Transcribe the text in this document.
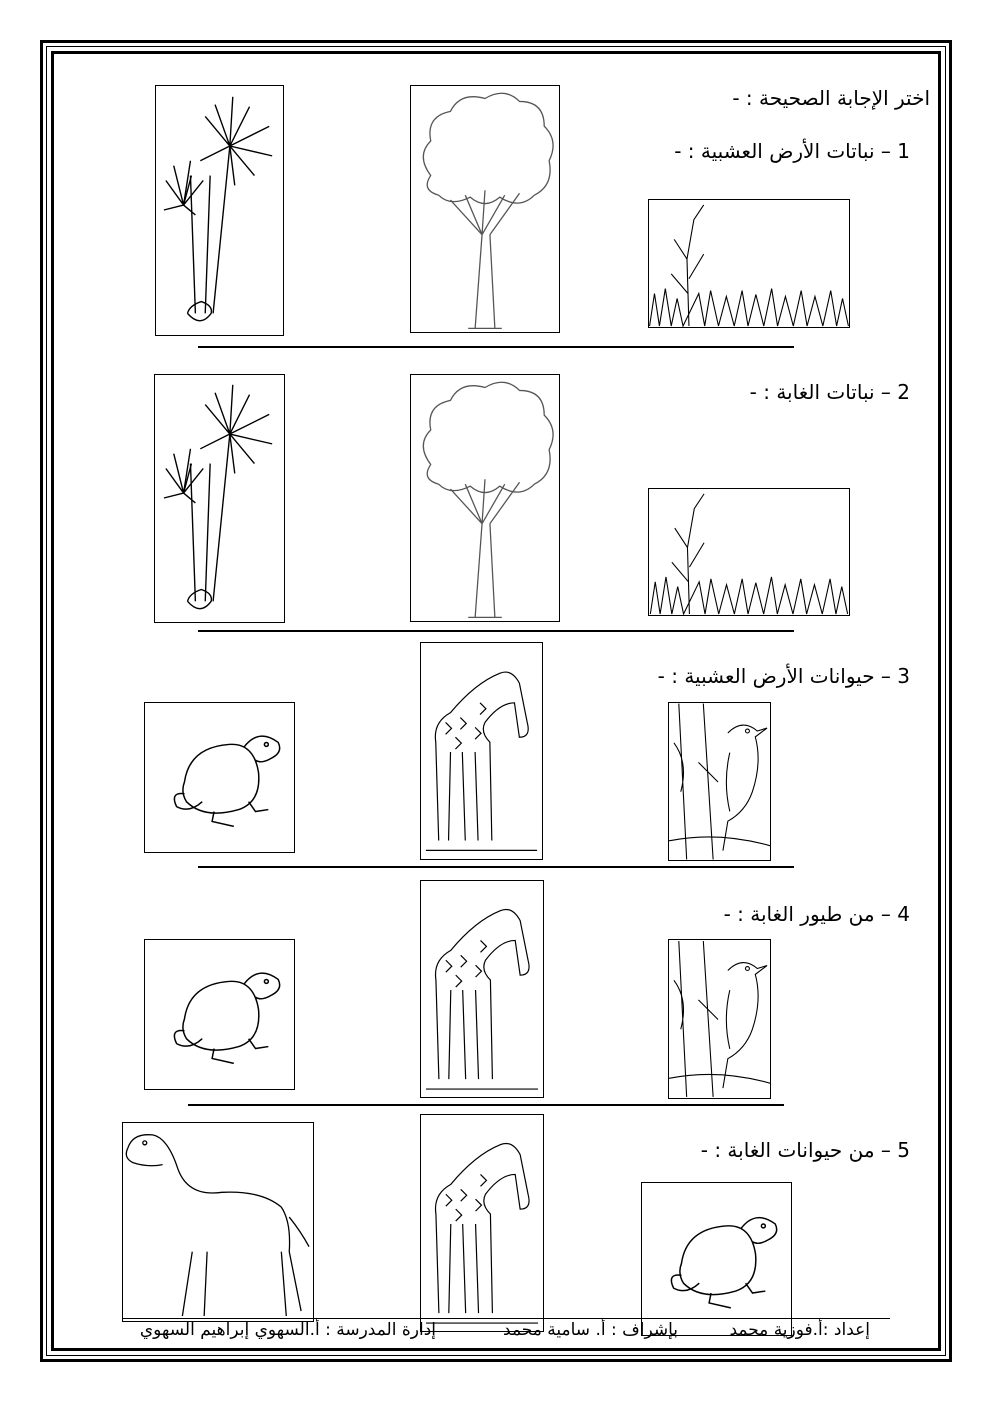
اختر الإجابة الصحيحة : -
1 – نباتات الأرض العشبية : -
2 – نباتات الغابة : -
3 – حيوانات الأرض العشبية : -
4 – من طيور الغابة : -
5 – من حيوانات الغابة : -
إعداد :أ.فوزية محمد
بإشراف : أ. سامية محمد
إدارة المدرسة : أ.السهوي إبراهيم السهوي
